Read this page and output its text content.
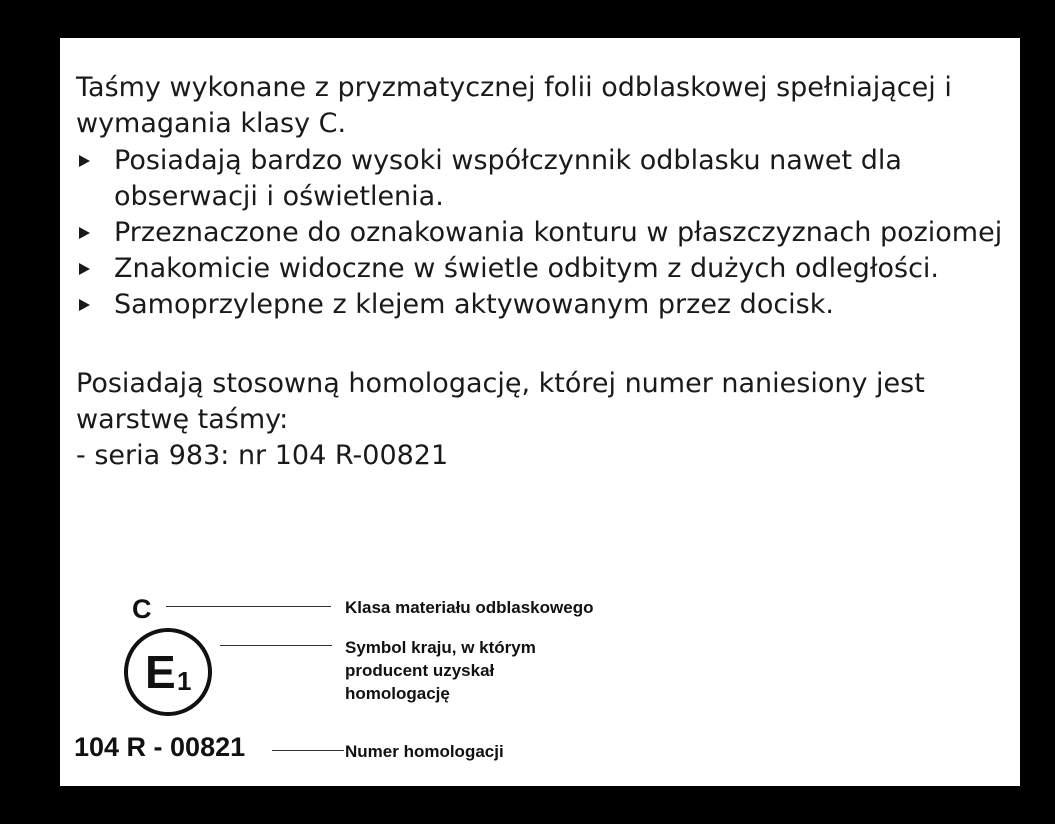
Taśmy wykonane z pryzmatycznej folii odblaskowej spełniającej i
wymagania klasy C.
Posiadają bardzo wysoki współczynnik odblasku nawet dla
obserwacji i oświetlenia.
Przeznaczone do oznakowania konturu w płaszczyznach poziomej
Znakomicie widoczne w świetle odbitym z dużych odległości.
Samoprzylepne z klejem aktywowanym przez docisk.
Posiadają stosowną homologację, której numer naniesiony jest
warstwę taśmy:
- seria 983: nr 104 R-00821
C	Klasa materiału odblaskowego
E 1
Symbol kraju, w którym
producent uzyskał
homologację
104 R - 00821	Numer homologacji
